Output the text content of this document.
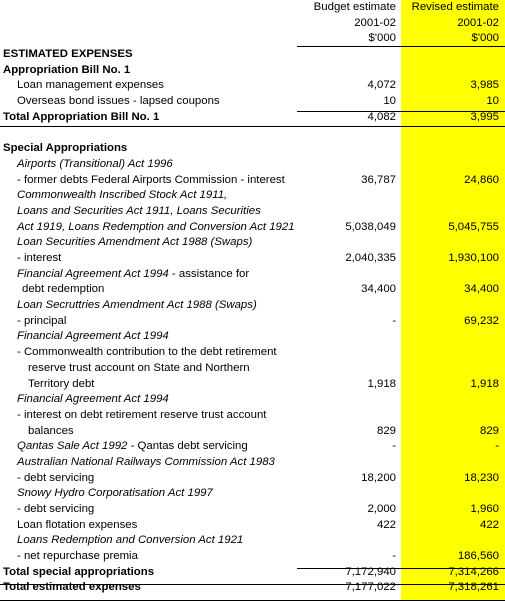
Budget estimate	Revised estimate
2001-02	2001-02
$'000	$'000
ESTIMATED EXPENSES
Appropriation Bill No. 1
Loan management expenses	4,072	3,985
Overseas bond issues - lapsed coupons	10	10
Total Appropriation Bill No. 1	4,082	3,995
Special Appropriations
Airports (Transitional) Act 1996
- former debts Federal Airports Commission - interest	36,787	24,860
Commonwealth Inscribed Stock Act 1911,
Loans and Securities Act 1911, Loans Securities
Act 1919, Loans Redemption and Conversion Act 1921	5,038,049	5,045,755
Loan Securities Amendment Act 1988 (Swaps)
- interest	2,040,335	1,930,100
Financial Agreement Act 1994 - assistance for
debt redemption	34,400	34,400
Loan Secruttries Amendment Act 1988 (Swaps)
- principal	-	69,232
Financial Agreement Act 1994
- Commonwealth contribution to the debt retirement
reserve trust account on State and Northern
Territory debt	1,918	1,918
Financial Agreement Act 1994
- interest on debt retirement reserve trust account
balances	829	829
Qantas Sale Act 1992 - Qantas debt servicing	-	-
Australian National Railways Commission Act 1983
- debt servicing	18,200	18,230
Snowy Hydro Corporatisation Act 1997
- debt servicing	2,000	1,960
Loan flotation expenses	422	422
Loans Redemption and Conversion Act 1921
- net repurchase premia	-	186,560
Total special appropriations	7,172,940	7,314,266
Total estimated expenses	7,177,022	7,318,261
